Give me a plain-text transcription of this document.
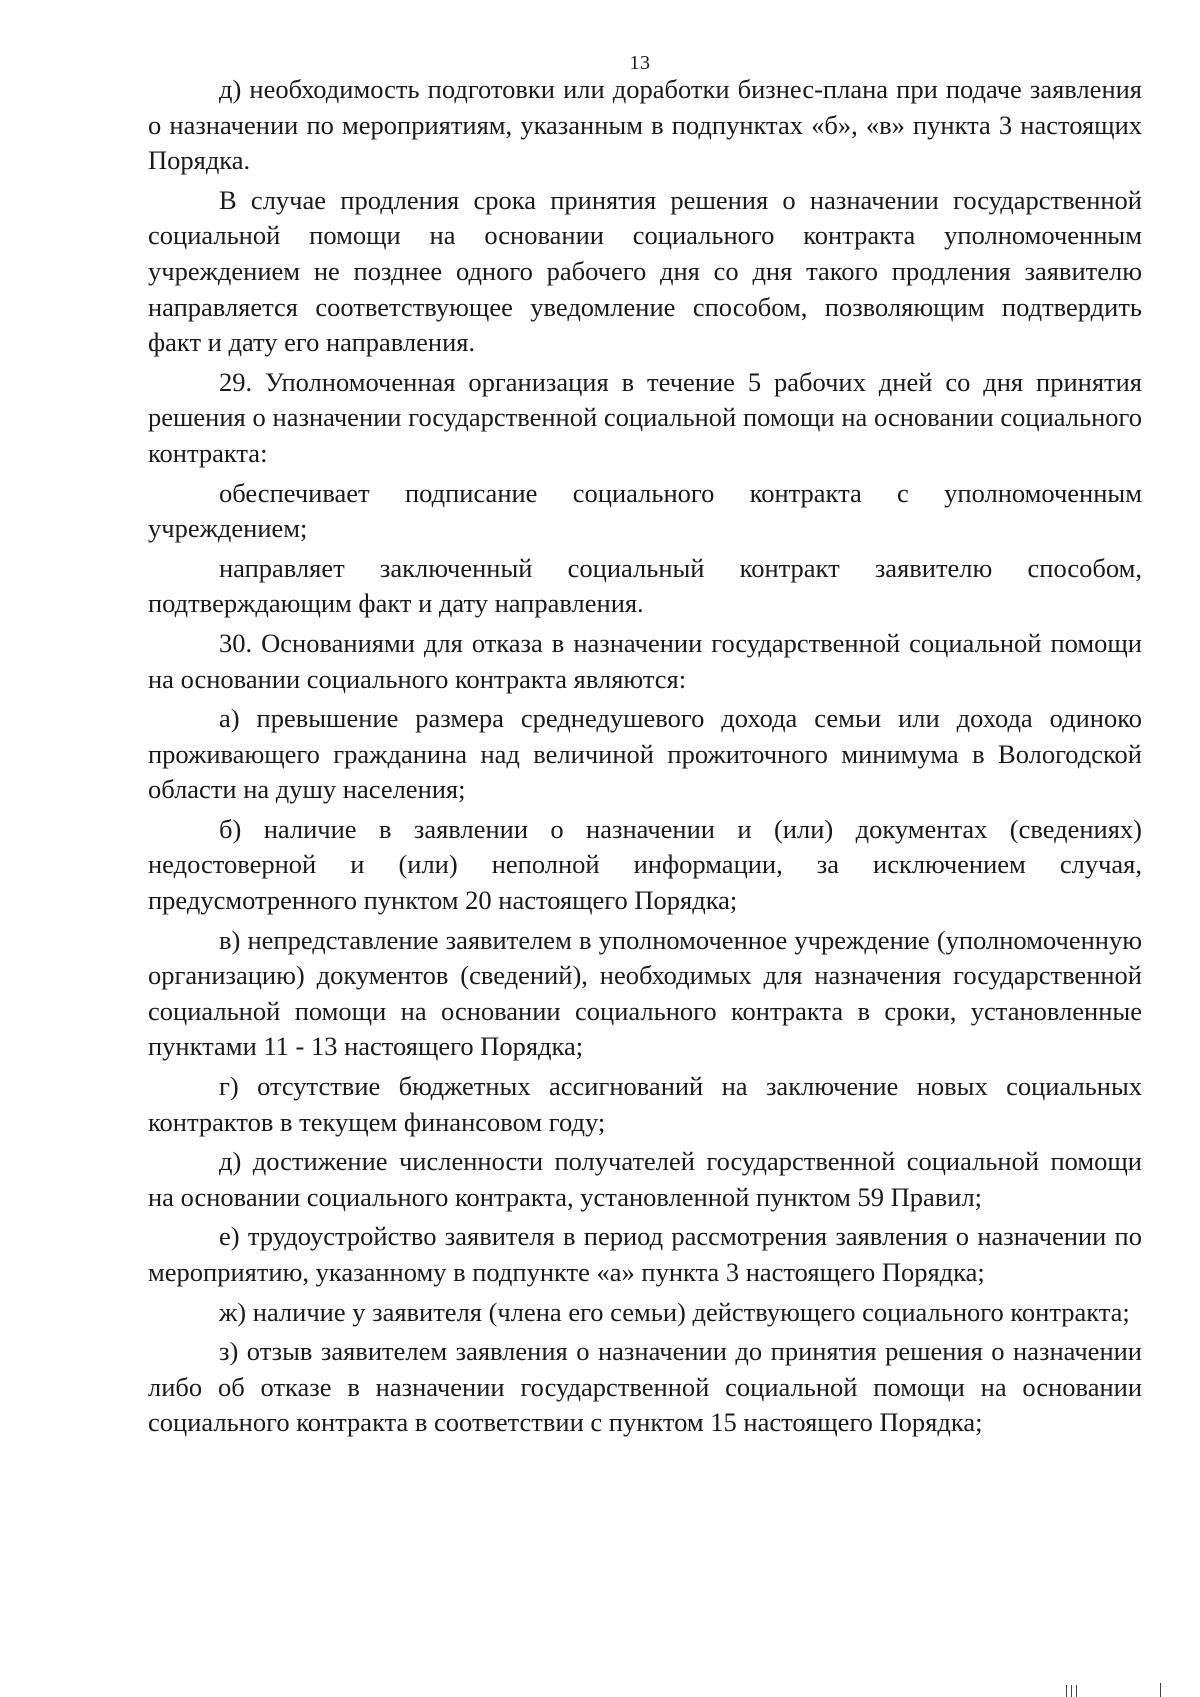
13

д) необходимость подготовки или доработки бизнес-плана при подаче заявления о назначении по мероприятиям, указанным в подпунктах «б», «в» пункта 3 настоящих Порядка.

В случае продления срока принятия решения о назначении государственной социальной помощи на основании социального контракта уполномоченным учреждением не позднее одного рабочего дня со дня такого продления заявителю направляется соответствующее уведомление способом, позволяющим подтвердить факт и дату его направления.

29. Уполномоченная организация в течение 5 рабочих дней со дня принятия решения о назначении государственной социальной помощи на основании социального контракта:

обеспечивает подписание социального контракта с уполномоченным учреждением;

направляет заключенный социальный контракт заявителю способом, подтверждающим факт и дату направления.

30. Основаниями для отказа в назначении государственной социальной помощи на основании социального контракта являются:

а) превышение размера среднедушевого дохода семьи или дохода одиноко проживающего гражданина над величиной прожиточного минимума в Вологодской области на душу населения;

б) наличие в заявлении о назначении и (или) документах (сведениях) недостоверной и (или) неполной информации, за исключением случая, предусмотренного пунктом 20 настоящего Порядка;

в) непредставление заявителем в уполномоченное учреждение (уполномоченную организацию) документов (сведений), необходимых для назначения государственной социальной помощи на основании социального контракта в сроки, установленные пунктами 11 - 13 настоящего Порядка;

г) отсутствие бюджетных ассигнований на заключение новых социальных контрактов в текущем финансовом году;

д) достижение численности получателей государственной социальной помощи на основании социального контракта, установленной пунктом 59 Правил;

е) трудоустройство заявителя в период рассмотрения заявления о назначении по мероприятию, указанному в подпункте «а» пункта 3 настоящего Порядка;

ж) наличие у заявителя (члена его семьи) действующего социального контракта;

з) отзыв заявителем заявления о назначении до принятия решения о назначении либо об отказе в назначении государственной социальной помощи на основании социального контракта в соответствии с пунктом 15 настоящего Порядка;
